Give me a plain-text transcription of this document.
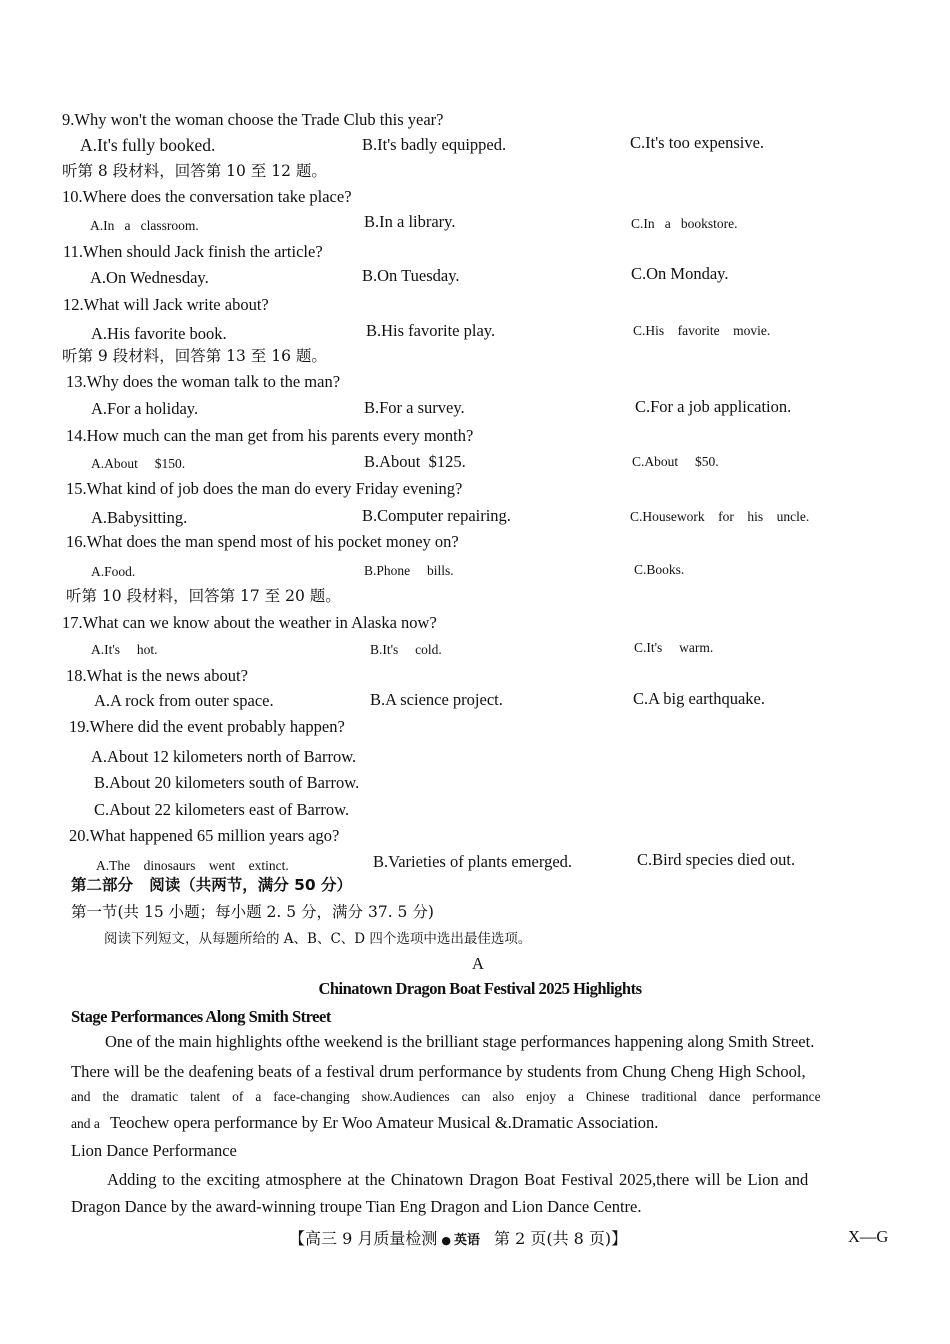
9.Why won't the woman choose the Trade Club this year?
A.It's fully booked.	B.It's badly equipped.	C.It's too expensive.
听第 8 段材料，回答第 10 至 12 题。
10.Where does the conversation take place?
A.In   a   classroom.	B.In a library.	C.In   a   bookstore.
11.When should Jack finish the article?
A.On Wednesday.	B.On Tuesday.	C.On Monday.
12.What will Jack write about?
A.His favorite book.	B.His favorite play.	C.His    favorite    movie.
听第 9 段材料，回答第 13 至 16 题。
13.Why does the woman talk to the man?
A.For a holiday.	B.For a survey.	C.For a job application.
14.How much can the man get from his parents every month?
A.About     $150.	B.About  $125.	C.About     $50.
15.What kind of job does the man do every Friday evening?
A.Babysitting.	B.Computer repairing.	C.Housework    for    his    uncle.
16.What does the man spend most of his pocket money on?
A.Food.	B.Phone     bills.	C.Books.
听第 10 段材料，回答第 17 至 20 题。
17.What can we know about the weather in Alaska now?
A.It's     hot.	B.It's     cold.	C.It's     warm.
18.What is the news about?
A.A rock from outer space.	B.A science project.	C.A big earthquake.
19.Where did the event probably happen?
A.About 12 kilometers north of Barrow.
B.About 20 kilometers south of Barrow.
C.About 22 kilometers east of Barrow.
20.What happened 65 million years ago?
A.The    dinosaurs    went    extinct.	B.Varieties of plants emerged.	C.Bird species died out.
第二部分   阅读（共两节，满分 50 分）
第一节(共 15 小题；每小题 2. 5 分，满分 37. 5 分)
阅读下列短文，从每题所给的 A、B、C、D 四个选项中选出最佳选项。
A
Chinatown Dragon Boat Festival 2025 Highlights
Stage Performances Along Smith Street
One of the main highlights ofthe weekend is the brilliant stage performances happening along Smith Street.
There will be the deafening beats of a festival drum performance by students from Chung Cheng High School,
and the dramatic talent of a face-changing show.Audiences can also enjoy a Chinese traditional dance performance
and a Teochew opera performance by Er Woo Amateur Musical &.Dramatic Association.
Lion Dance Performance
Adding to the exciting atmosphere at the Chinatown Dragon Boat Festival 2025,there will be Lion and
Dragon Dance by the award-winning troupe Tian Eng Dragon and Lion Dance Centre.
【高三 9 月质量检测 ● 英语 第 2 页(共 8 页)】	X—G
